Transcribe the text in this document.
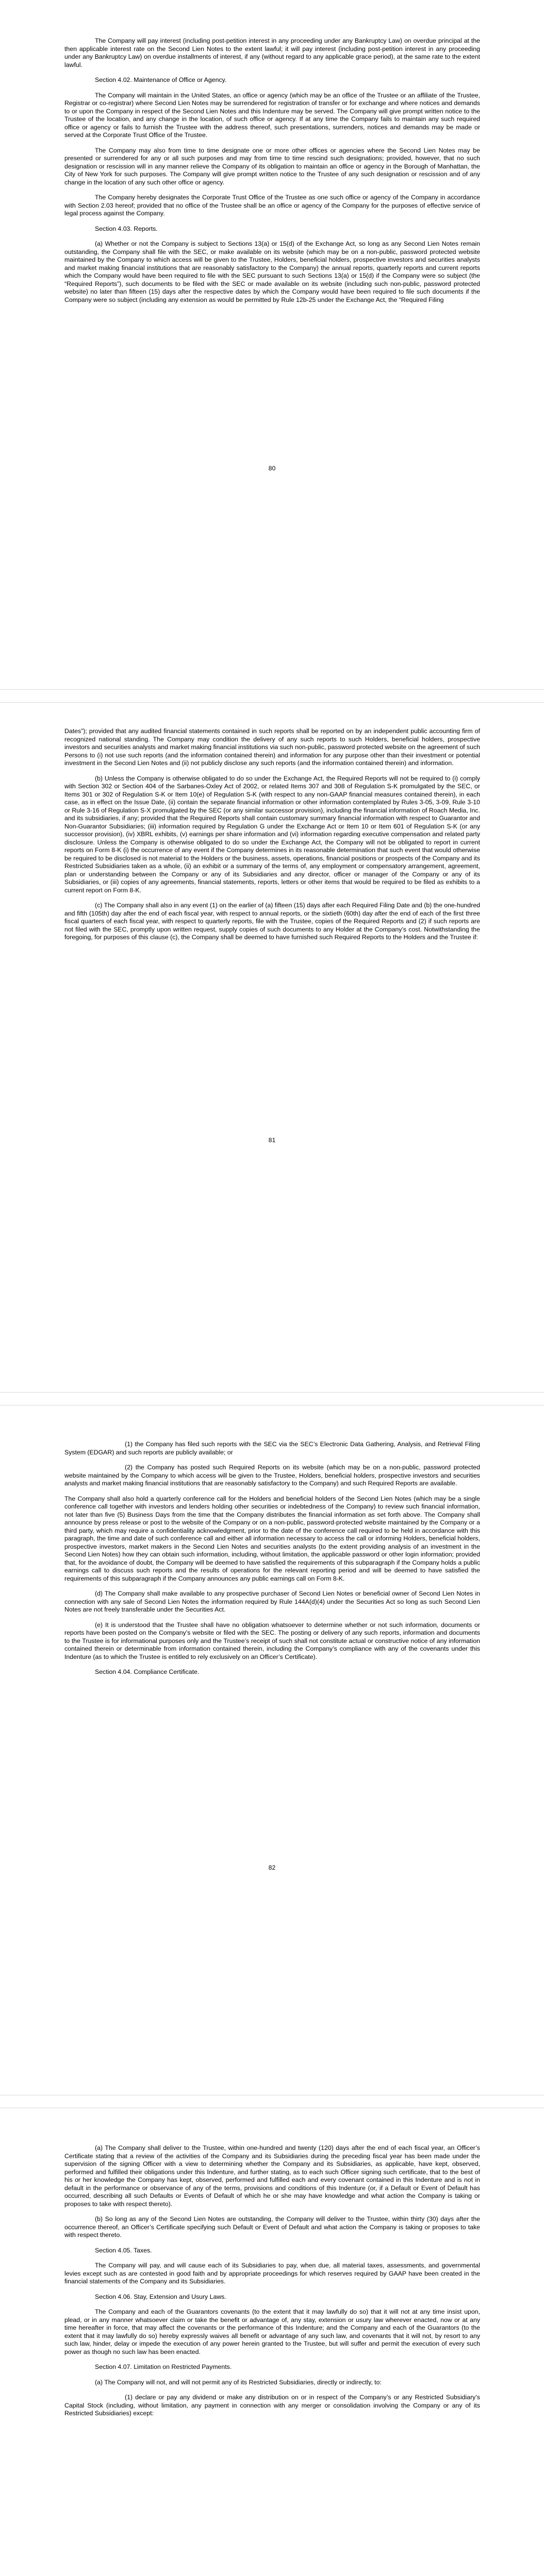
The Company will pay interest (including post-petition interest in any proceeding under any Bankruptcy Law) on overdue principal at the then applicable interest rate on the Second Lien Notes to the extent lawful; it will pay interest (including post-petition interest in any proceeding under any Bankruptcy Law) on overdue installments of interest, if any (without regard to any applicable grace period), at the same rate to the extent lawful.

Section 4.02. Maintenance of Office or Agency.

The Company will maintain in the United States, an office or agency (which may be an office of the Trustee or an affiliate of the Trustee, Registrar or co-registrar) where Second Lien Notes may be surrendered for registration of transfer or for exchange and where notices and demands to or upon the Company in respect of the Second Lien Notes and this Indenture may be served. The Company will give prompt written notice to the Trustee of the location, and any change in the location, of such office or agency. If at any time the Company fails to maintain any such required office or agency or fails to furnish the Trustee with the address thereof, such presentations, surrenders, notices and demands may be made or served at the Corporate Trust Office of the Trustee.

The Company may also from time to time designate one or more other offices or agencies where the Second Lien Notes may be presented or surrendered for any or all such purposes and may from time to time rescind such designations; provided, however, that no such designation or rescission will in any manner relieve the Company of its obligation to maintain an office or agency in the Borough of Manhattan, the City of New York for such purposes. The Company will give prompt written notice to the Trustee of any such designation or rescission and of any change in the location of any such other office or agency.

The Company hereby designates the Corporate Trust Office of the Trustee as one such office or agency of the Company in accordance with Section 2.03 hereof; provided that no office of the Trustee shall be an office or agency of the Company for the purposes of effective service of legal process against the Company.

Section 4.03. Reports.

(a) Whether or not the Company is subject to Sections 13(a) or 15(d) of the Exchange Act, so long as any Second Lien Notes remain outstanding, the Company shall file with the SEC, or make available on its website (which may be on a non-public, password protected website maintained by the Company to which access will be given to the Trustee, Holders, beneficial holders, prospective investors and securities analysts and market making financial institutions that are reasonably satisfactory to the Company) the annual reports, quarterly reports and current reports which the Company would have been required to file with the SEC pursuant to such Sections 13(a) or 15(d) if the Company were so subject (the “Required Reports”), such documents to be filed with the SEC or made available on its website (including such non-public, password protected website) no later than fifteen (15) days after the respective dates by which the Company would have been required to file such documents if the Company were so subject (including any extension as would be permitted by Rule 12b-25 under the Exchange Act, the “Required Filing

80

Dates”); provided that any audited financial statements contained in such reports shall be reported on by an independent public accounting firm of recognized national standing. The Company may condition the delivery of any such reports to such Holders, beneficial holders, prospective investors and securities analysts and market making financial institutions via such non-public, password protected website on the agreement of such Persons to (i) not use such reports (and the information contained therein) and information for any purpose other than their investment or potential investment in the Second Lien Notes and (ii) not publicly disclose any such reports (and the information contained therein) and information.

(b) Unless the Company is otherwise obligated to do so under the Exchange Act, the Required Reports will not be required to (i) comply with Section 302 or Section 404 of the Sarbanes-Oxley Act of 2002, or related Items 307 and 308 of Regulation S-K promulgated by the SEC, or Items 301 or 302 of Regulation S-K or Item 10(e) of Regulation S-K (with respect to any non-GAAP financial measures contained therein), in each case, as in effect on the Issue Date, (ii) contain the separate financial information or other information contemplated by Rules 3-05, 3-09, Rule 3-10 or Rule 3-16 of Regulation S-X promulgated by the SEC (or any similar successor provision), including the financial information of Roach Media, Inc. and its subsidiaries, if any; provided that the Required Reports shall contain customary summary financial information with respect to Guarantor and Non-Guarantor Subsidiaries; (iii) information required by Regulation G under the Exchange Act or Item 10 or Item 601 of Regulation S-K (or any successor provision), (iv) XBRL exhibits, (v) earnings per share information and (vi) information regarding executive compensation and related party disclosure. Unless the Company is otherwise obligated to do so under the Exchange Act, the Company will not be obligated to report in current reports on Form 8-K (i) the occurrence of any event if the Company determines in its reasonable determination that such event that would otherwise be required to be disclosed is not material to the Holders or the business, assets, operations, financial positions or prospects of the Company and its Restricted Subsidiaries taken as a whole, (ii) an exhibit or a summary of the terms of, any employment or compensatory arrangement, agreement, plan or understanding between the Company or any of its Subsidiaries and any director, officer or manager of the Company or any of its Subsidiaries, or (iii) copies of any agreements, financial statements, reports, letters or other items that would be required to be filed as exhibits to a current report on Form 8-K.

(c) The Company shall also in any event (1) on the earlier of (a) fifteen (15) days after each Required Filing Date and (b) the one-hundred and fifth (105th) day after the end of each fiscal year, with respect to annual reports, or the sixtieth (60th) day after the end of each of the first three fiscal quarters of each fiscal year, with respect to quarterly reports, file with the Trustee, copies of the Required Reports and (2) if such reports are not filed with the SEC, promptly upon written request, supply copies of such documents to any Holder at the Company’s cost. Notwithstanding the foregoing, for purposes of this clause (c), the Company shall be deemed to have furnished such Required Reports to the Holders and the Trustee if:

81

(1) the Company has filed such reports with the SEC via the SEC’s Electronic Data Gathering, Analysis, and Retrieval Filing System (EDGAR) and such reports are publicly available; or

(2) the Company has posted such Required Reports on its website (which may be on a non-public, password protected website maintained by the Company to which access will be given to the Trustee, Holders, beneficial holders, prospective investors and securities analysts and market making financial institutions that are reasonably satisfactory to the Company) and such Required Reports are available.

The Company shall also hold a quarterly conference call for the Holders and beneficial holders of the Second Lien Notes (which may be a single conference call together with investors and lenders holding other securities or indebtedness of the Company) to review such financial information, not later than five (5) Business Days from the time that the Company distributes the financial information as set forth above. The Company shall announce by press release or post to the website of the Company or on a non-public, password-protected website maintained by the Company or a third party, which may require a confidentiality acknowledgment, prior to the date of the conference call required to be held in accordance with this paragraph, the time and date of such conference call and either all information necessary to access the call or informing Holders, beneficial holders, prospective investors, market makers in the Second Lien Notes and securities analysts (to the extent providing analysis of an investment in the Second Lien Notes) how they can obtain such information, including, without limitation, the applicable password or other login information; provided that, for the avoidance of doubt, the Company will be deemed to have satisfied the requirements of this subparagraph if the Company holds a public earnings call to discuss such reports and the results of operations for the relevant reporting period and will be deemed to have satisfied the requirements of this subparagraph if the Company announces any public earnings call on Form 8-K.

(d) The Company shall make available to any prospective purchaser of Second Lien Notes or beneficial owner of Second Lien Notes in connection with any sale of Second Lien Notes the information required by Rule 144A(d)(4) under the Securities Act so long as such Second Lien Notes are not freely transferable under the Securities Act.

(e) It is understood that the Trustee shall have no obligation whatsoever to determine whether or not such information, documents or reports have been posted on the Company’s website or filed with the SEC. The posting or delivery of any such reports, information and documents to the Trustee is for informational purposes only and the Trustee’s receipt of such shall not constitute actual or constructive notice of any information contained therein or determinable from information contained therein, including the Company’s compliance with any of the covenants under this Indenture (as to which the Trustee is entitled to rely exclusively on an Officer’s Certificate).

Section 4.04. Compliance Certificate.

82

(a) The Company shall deliver to the Trustee, within one-hundred and twenty (120) days after the end of each fiscal year, an Officer’s Certificate stating that a review of the activities of the Company and its Subsidiaries during the preceding fiscal year has been made under the supervision of the signing Officer with a view to determining whether the Company and its Subsidiaries, as applicable, have kept, observed, performed and fulfilled their obligations under this Indenture, and further stating, as to each such Officer signing such certificate, that to the best of his or her knowledge the Company has kept, observed, performed and fulfilled each and every covenant contained in this Indenture and is not in default in the performance or observance of any of the terms, provisions and conditions of this Indenture (or, if a Default or Event of Default has occurred, describing all such Defaults or Events of Default of which he or she may have knowledge and what action the Company is taking or proposes to take with respect thereto).

(b) So long as any of the Second Lien Notes are outstanding, the Company will deliver to the Trustee, within thirty (30) days after the occurrence thereof, an Officer’s Certificate specifying such Default or Event of Default and what action the Company is taking or proposes to take with respect thereto.

Section 4.05. Taxes.

The Company will pay, and will cause each of its Subsidiaries to pay, when due, all material taxes, assessments, and governmental levies except such as are contested in good faith and by appropriate proceedings for which reserves required by GAAP have been created in the financial statements of the Company and its Subsidiaries.

Section 4.06. Stay, Extension and Usury Laws.

The Company and each of the Guarantors covenants (to the extent that it may lawfully do so) that it will not at any time insist upon, plead, or in any manner whatsoever claim or take the benefit or advantage of, any stay, extension or usury law wherever enacted, now or at any time hereafter in force, that may affect the covenants or the performance of this Indenture; and the Company and each of the Guarantors (to the extent that it may lawfully do so) hereby expressly waives all benefit or advantage of any such law, and covenants that it will not, by resort to any such law, hinder, delay or impede the execution of any power herein granted to the Trustee, but will suffer and permit the execution of every such power as though no such law has been enacted.

Section 4.07. Limitation on Restricted Payments.

(a) The Company will not, and will not permit any of its Restricted Subsidiaries, directly or indirectly, to:

(1) declare or pay any dividend or make any distribution on or in respect of the Company’s or any Restricted Subsidiary’s Capital Stock (including, without limitation, any payment in connection with any merger or consolidation involving the Company or any of its Restricted Subsidiaries) except:
